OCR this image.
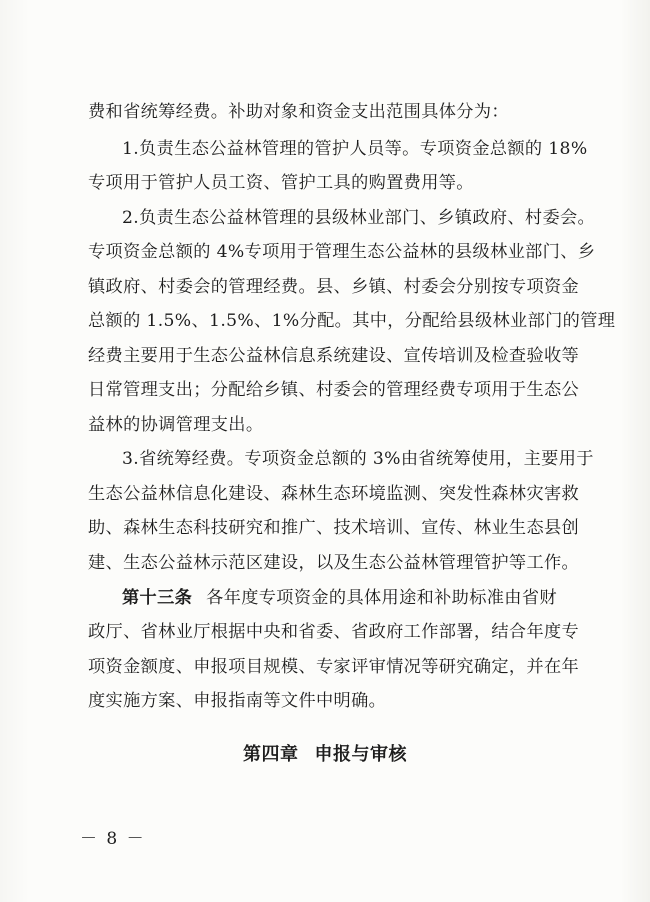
费和省统筹经费。补助对象和资金支出范围具体分为：
1.负责生态公益林管理的管护人员等。专项资金总额的 18%
专项用于管护人员工资、管护工具的购置费用等。
2.负责生态公益林管理的县级林业部门、乡镇政府、村委会。
专项资金总额的 4%专项用于管理生态公益林的县级林业部门、乡
镇政府、村委会的管理经费。县、乡镇、村委会分别按专项资金
总额的 1.5%、1.5%、1%分配。其中，分配给县级林业部门的管理
经费主要用于生态公益林信息系统建设、宣传培训及检查验收等
日常管理支出；分配给乡镇、村委会的管理经费专项用于生态公
益林的协调管理支出。
3.省统筹经费。专项资金总额的 3%由省统筹使用，主要用于
生态公益林信息化建设、森林生态环境监测、突发性森林灾害救
助、森林生态科技研究和推广、技术培训、宣传、林业生态县创
建、生态公益林示范区建设，以及生态公益林管理管护等工作。
第十三条 各年度专项资金的具体用途和补助标准由省财
政厅、省林业厅根据中央和省委、省政府工作部署，结合年度专
项资金额度、申报项目规模、专家评审情况等研究确定，并在年
度实施方案、申报指南等文件中明确。
第四章 申报与审核
－ 8 －
